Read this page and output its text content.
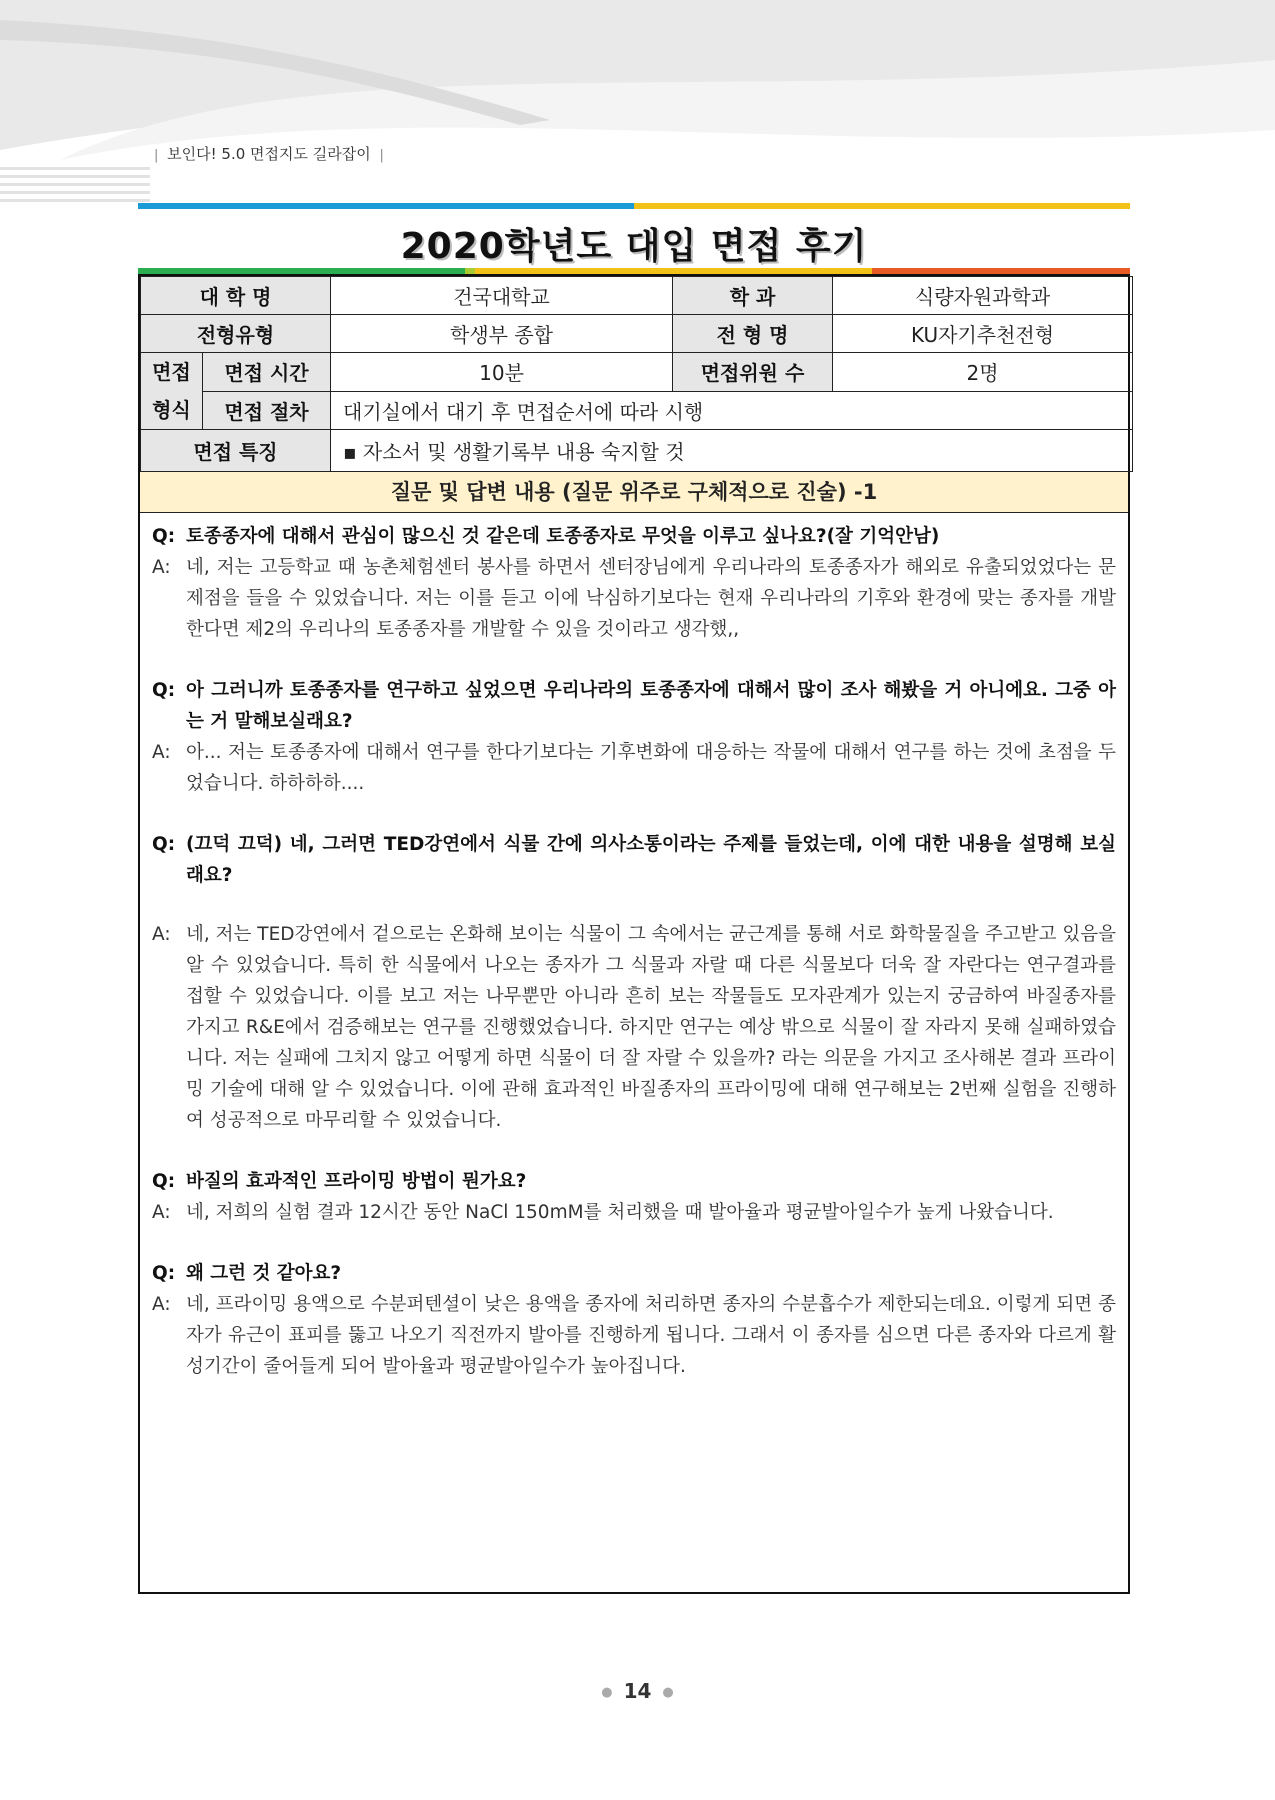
| 보인다! 5.0 면접지도 길라잡이 |
2020학년도 대입 면접 후기
대 학 명		건국대학교	학 과	식량자원과학과
전형유형		학생부 종합	전 형 명	KU자기추천전형
면접 형식	면접 시간	10분	면접위원 수	2명
	면접 절차	대기실에서 대기 후 면접순서에 따라 시행		
면접 특징		▪ 자소서 및 생활기록부 내용 숙지할 것		
질문 및 답변 내용 (질문 위주로 구체적으로 진술) -1
Q: 토종종자에 대해서 관심이 많으신 것 같은데 토종종자로 무엇을 이루고 싶나요?(잘 기억안남)
A: 네, 저는 고등학교 때 농촌체험센터 봉사를 하면서 센터장님에게 우리나라의 토종종자가 해외로 유출되었었다는 문제점을 들을 수 있었습니다. 저는 이를 듣고 이에 낙심하기보다는 현재 우리나라의 기후와 환경에 맞는 종자를 개발한다면 제2의 우리나의 토종종자를 개발할 수 있을 것이라고 생각했,,
Q: 아 그러니까 토종종자를 연구하고 싶었으면 우리나라의 토종종자에 대해서 많이 조사 해봤을 거 아니에요. 그중 아는 거 말해보실래요?
A: 아... 저는 토종종자에 대해서 연구를 한다기보다는 기후변화에 대응하는 작물에 대해서 연구를 하는 것에 초점을 두었습니다. 하하하하....
Q: (끄덕 끄덕) 네, 그러면 TED강연에서 식물 간에 의사소통이라는 주제를 들었는데, 이에 대한 내용을 설명해 보실래요?
A: 네, 저는 TED강연에서 겉으로는 온화해 보이는 식물이 그 속에서는 균근계를 통해 서로 화학물질을 주고받고 있음을 알 수 있었습니다. 특히 한 식물에서 나오는 종자가 그 식물과 자랄 때 다른 식물보다 더욱 잘 자란다는 연구결과를 접할 수 있었습니다. 이를 보고 저는 나무뿐만 아니라 흔히 보는 작물들도 모자관계가 있는지 궁금하여 바질종자를 가지고 R&E에서 검증해보는 연구를 진행했었습니다. 하지만 연구는 예상 밖으로 식물이 잘 자라지 못해 실패하였습니다. 저는 실패에 그치지 않고 어떻게 하면 식물이 더 잘 자랄 수 있을까? 라는 의문을 가지고 조사해본 결과 프라이밍 기술에 대해 알 수 있었습니다. 이에 관해 효과적인 바질종자의 프라이밍에 대해 연구해보는 2번째 실험을 진행하여 성공적으로 마무리할 수 있었습니다.
Q: 바질의 효과적인 프라이밍 방법이 뭔가요?
A: 네, 저희의 실험 결과 12시간 동안 NaCl 150mM를 처리했을 때 발아율과 평균발아일수가 높게 나왔습니다.
Q: 왜 그런 것 같아요?
A: 네, 프라이밍 용액으로 수분퍼텐셜이 낮은 용액을 종자에 처리하면 종자의 수분흡수가 제한되는데요. 이렇게 되면 종자가 유근이 표피를 뚫고 나오기 직전까지 발아를 진행하게 됩니다. 그래서 이 종자를 심으면 다른 종자와 다르게 활성기간이 줄어들게 되어 발아율과 평균발아일수가 높아집니다.
● 14 ●
